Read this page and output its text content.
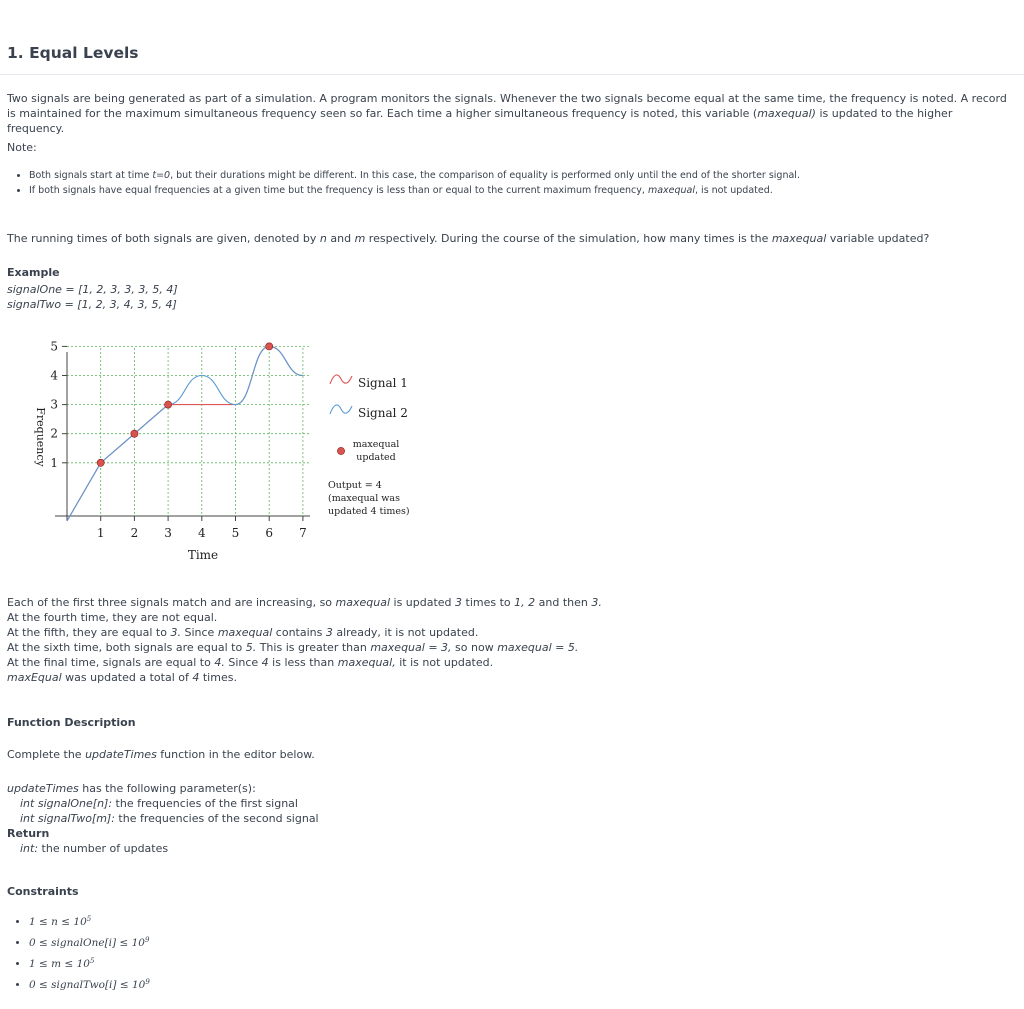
1. Equal Levels
Two signals are being generated as part of a simulation. A program monitors the signals. Whenever the two signals become equal at the same time, the frequency is noted. A record is maintained for the maximum simultaneous frequency seen so far. Each time a higher simultaneous frequency is noted, this variable (maxequal) is updated to the higher frequency.
Note:
• Both signals start at time t=0, but their durations might be different. In this case, the comparison of equality is performed only until the end of the shorter signal.
• If both signals have equal frequencies at a given time but the frequency is less than or equal to the current maximum frequency, maxequal, is not updated.
The running times of both signals are given, denoted by n and m respectively. During the course of the simulation, how many times is the maxequal variable updated?
Example
signalOne = [1, 2, 3, 3, 3, 5, 4]
signalTwo = [1, 2, 3, 4, 3, 5, 4]
1 2 3 4 5 6 7
1
2
3
4
5
Time
Frequency
Signal 1
Signal 2
maxequal
updated
Output = 4
(maxequal was
updated 4 times)
Each of the first three signals match and are increasing, so maxequal is updated 3 times to 1, 2 and then 3.
At the fourth time, they are not equal.
At the fifth, they are equal to 3. Since maxequal contains 3 already, it is not updated.
At the sixth time, both signals are equal to 5. This is greater than maxequal = 3, so now maxequal = 5.
At the final time, signals are equal to 4. Since 4 is less than maxequal, it is not updated.
maxEqual was updated a total of 4 times.
Function Description
Complete the updateTimes function in the editor below.
updateTimes has the following parameter(s):
int signalOne[n]: the frequencies of the first signal
int signalTwo[m]: the frequencies of the second signal
Return
int: the number of updates
Constraints
• $1 \le n \le 10^5$
• 0 ≤ signalOne[i] ≤ $10^9$
• $1 \le m \le 10^5$
• 0 ≤ signalTwo[i] ≤ $10^9$
